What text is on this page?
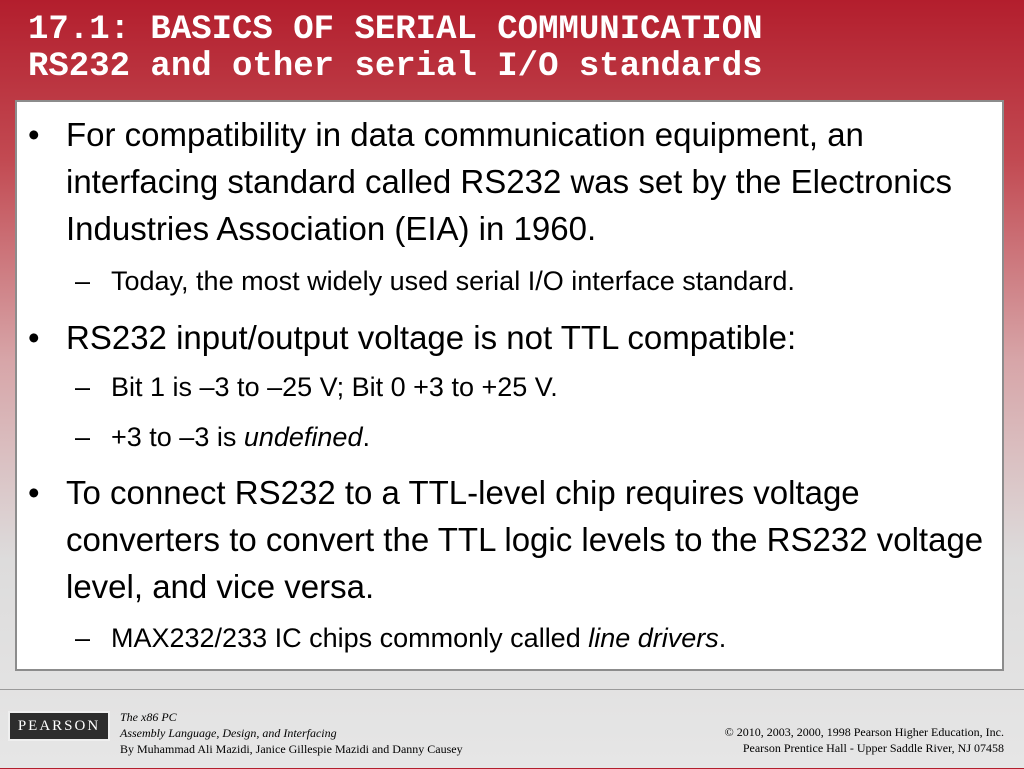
17.1: BASICS OF SERIAL COMMUNICATION
RS232 and other serial I/O standards
• For compatibility in data communication equipment, an interfacing standard called RS232 was set by the Electronics Industries Association (EIA) in 1960.
– Today, the most widely used serial I/O interface standard.
• RS232 input/output voltage is not TTL compatible:
– Bit 1 is –3 to –25 V; Bit 0 +3 to +25 V.
– +3 to –3 is undefined.
• To connect RS232 to a TTL-level chip requires voltage converters to convert the TTL logic levels to the RS232 voltage level, and vice versa.
– MAX232/233 IC chips commonly called line drivers.
PEARSON
The x86 PC
Assembly Language, Design, and Interfacing
By Muhammad Ali Mazidi, Janice Gillespie Mazidi and Danny Causey
© 2010, 2003, 2000, 1998 Pearson Higher Education, Inc.
Pearson Prentice Hall - Upper Saddle River, NJ 07458
